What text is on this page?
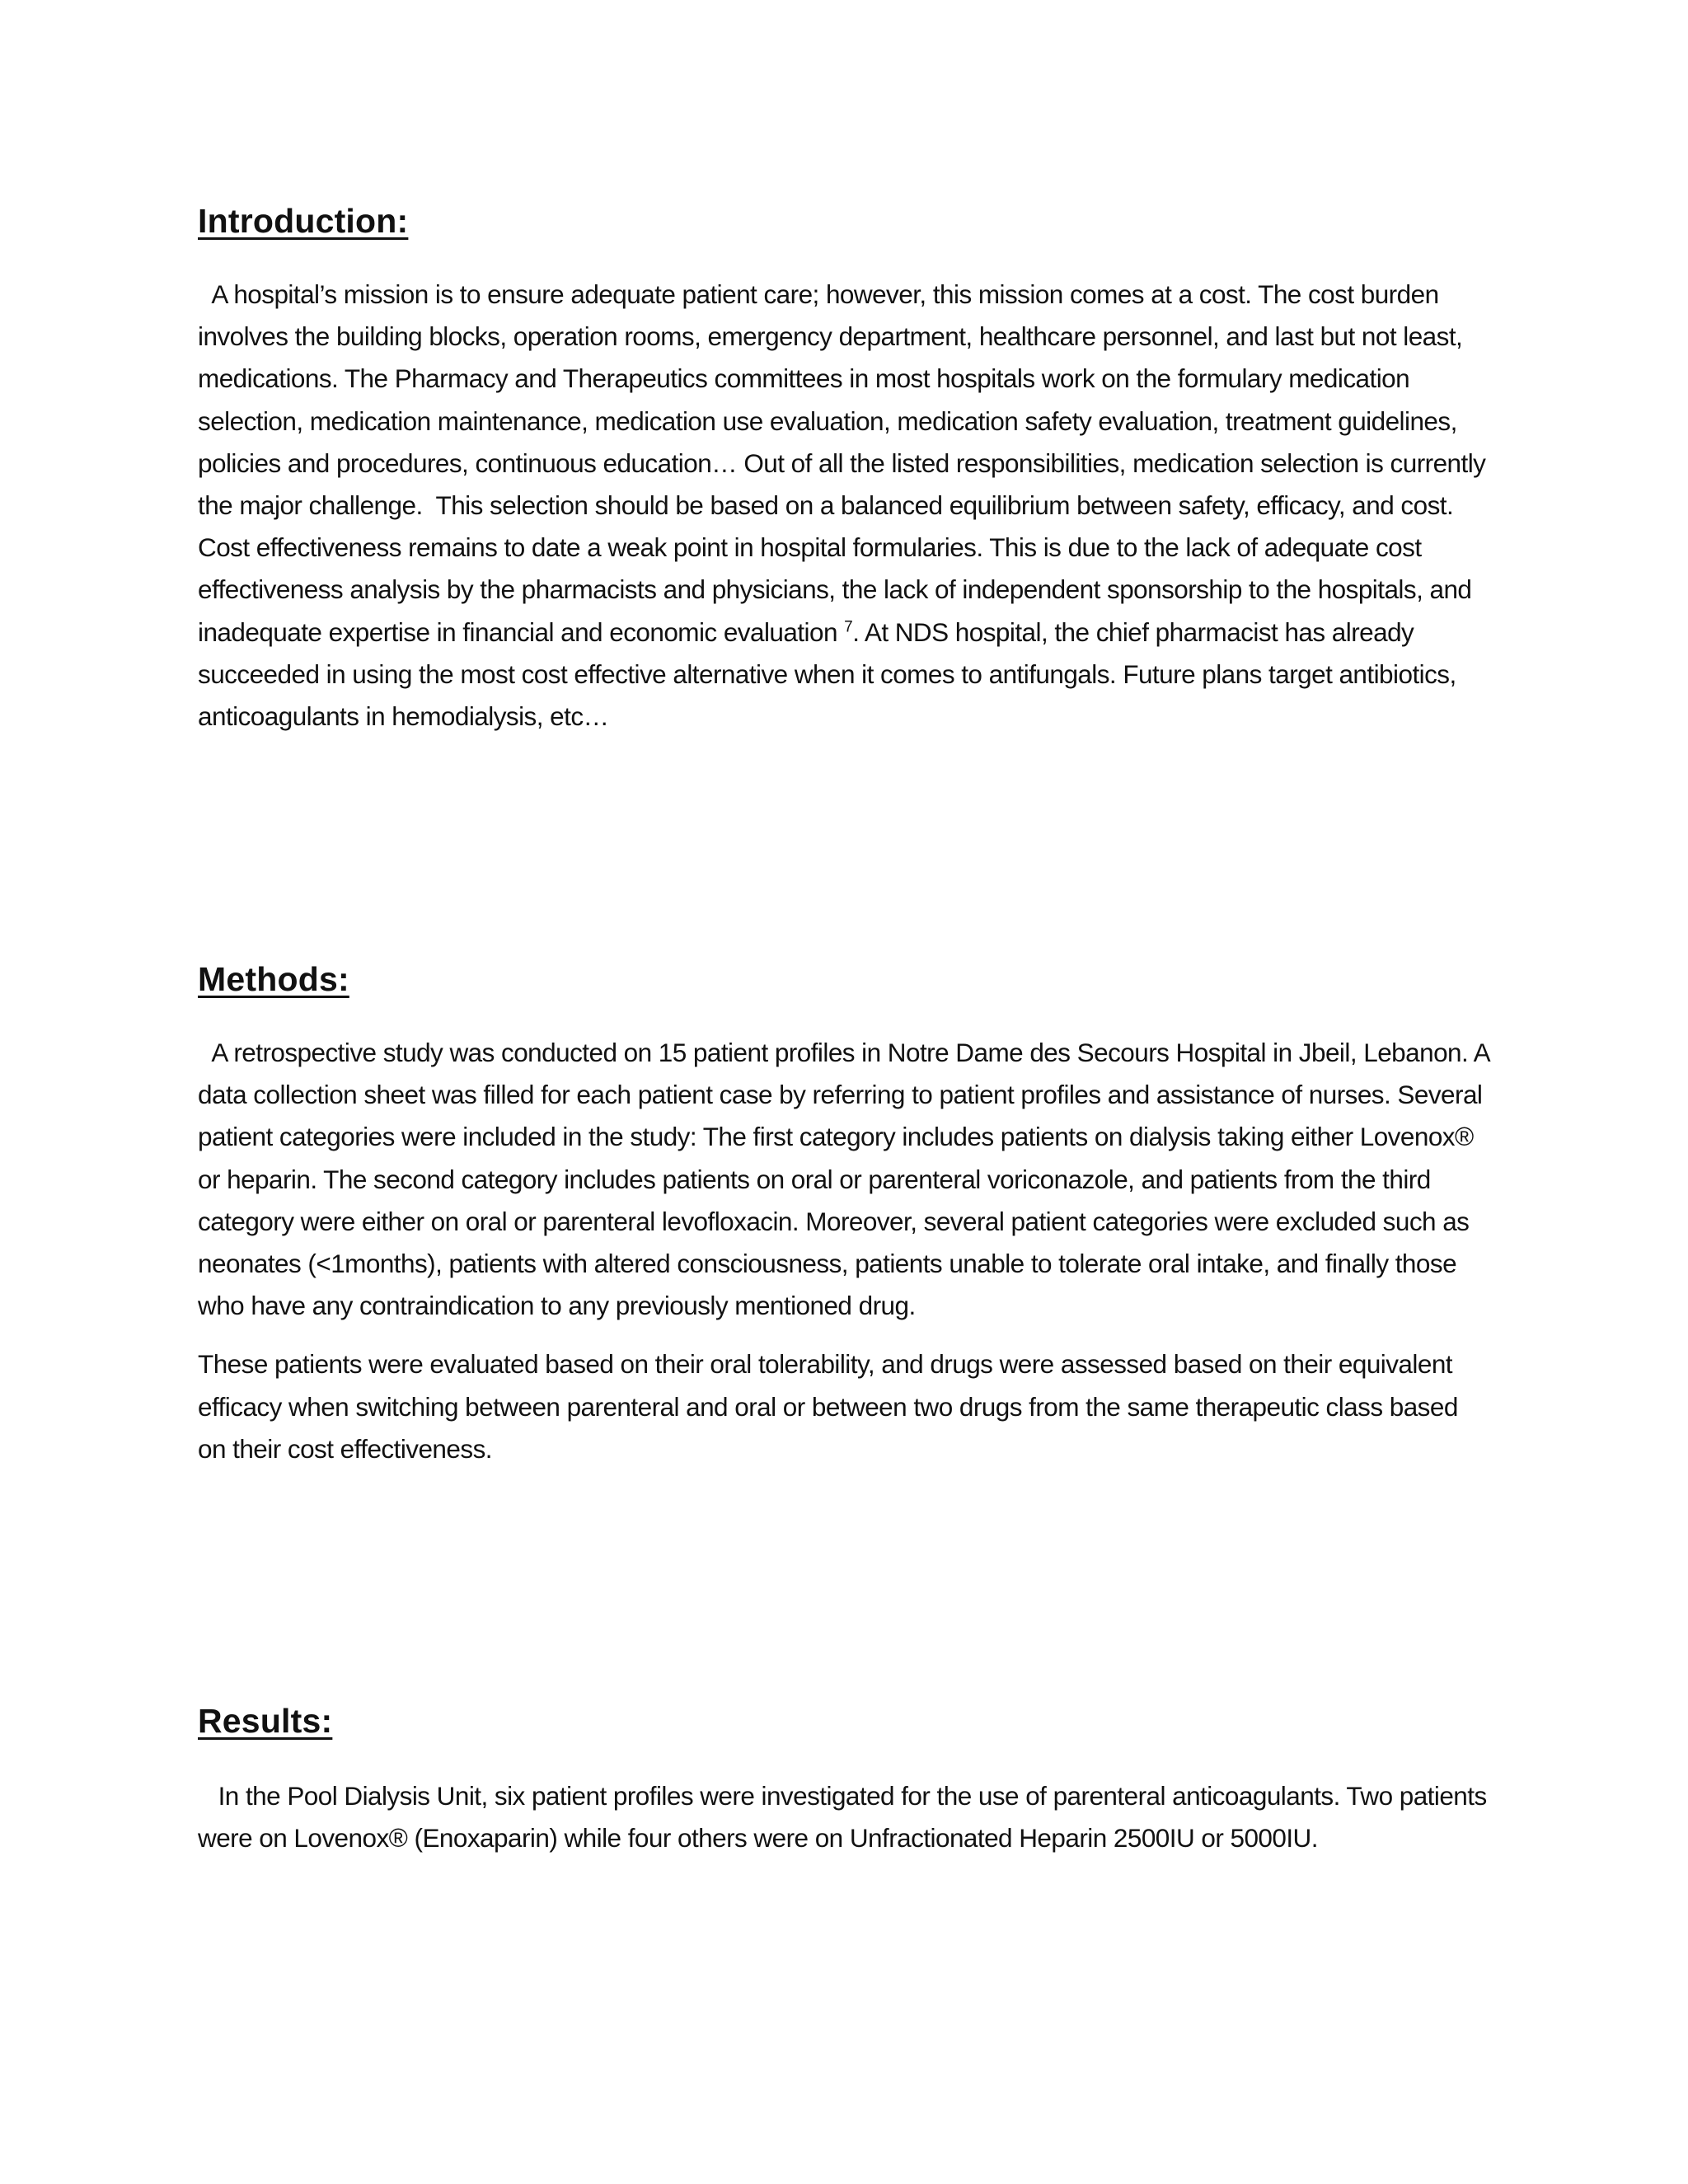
Introduction:

A hospital’s mission is to ensure adequate patient care; however, this mission comes at a cost. The cost burden involves the building blocks, operation rooms, emergency department, healthcare personnel, and last but not least, medications. The Pharmacy and Therapeutics committees in most hospitals work on the formulary medication selection, medication maintenance, medication use evaluation, medication safety evaluation, treatment guidelines, policies and procedures, continuous education… Out of all the listed responsibilities, medication selection is currently the major challenge.  This selection should be based on a balanced equilibrium between safety, efficacy, and cost. Cost effectiveness remains to date a weak point in hospital formularies. This is due to the lack of adequate cost effectiveness analysis by the pharmacists and physicians, the lack of independent sponsorship to the hospitals, and inadequate expertise in financial and economic evaluation $^7$. At NDS hospital, the chief pharmacist has already succeeded in using the most cost effective alternative when it comes to antifungals. Future plans target antibiotics, anticoagulants in hemodialysis, etc…

Methods:

A retrospective study was conducted on 15 patient profiles in Notre Dame des Secours Hospital in Jbeil, Lebanon. A data collection sheet was filled for each patient case by referring to patient profiles and assistance of nurses. Several patient categories were included in the study: The first category includes patients on dialysis taking either Lovenox® or heparin. The second category includes patients on oral or parenteral voriconazole, and patients from the third category were either on oral or parenteral levofloxacin. Moreover, several patient categories were excluded such as neonates (<1months), patients with altered consciousness, patients unable to tolerate oral intake, and finally those who have any contraindication to any previously mentioned drug.

These patients were evaluated based on their oral tolerability, and drugs were assessed based on their equivalent efficacy when switching between parenteral and oral or between two drugs from the same therapeutic class based on their cost effectiveness.

Results:

In the Pool Dialysis Unit, six patient profiles were investigated for the use of parenteral anticoagulants. Two patients were on Lovenox® (Enoxaparin) while four others were on Unfractionated Heparin 2500IU or 5000IU.
